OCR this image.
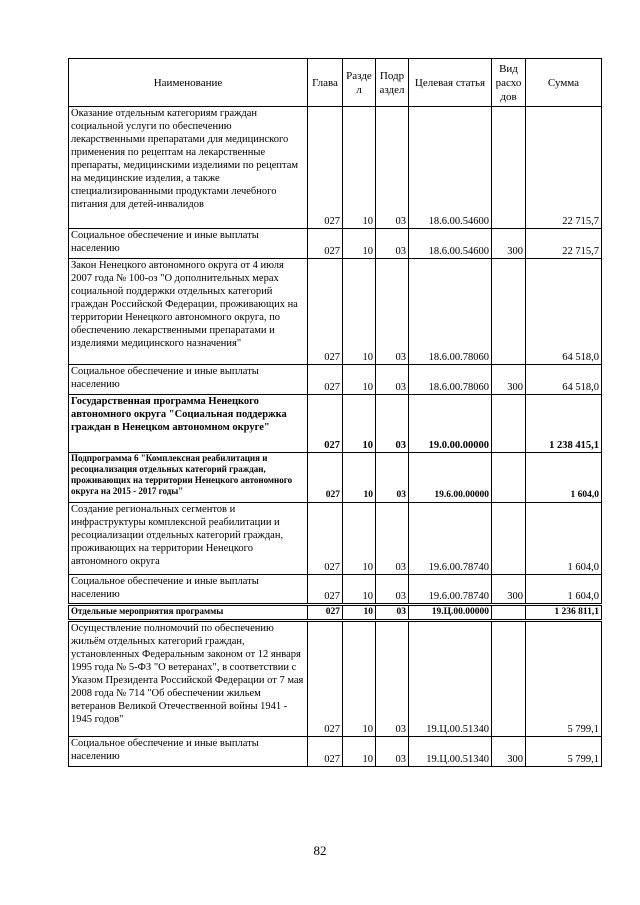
Наименование	Глава	Разде л	Подр аздел	Целевая статья	Вид расхо дов	Сумма
Оказание отдельным категориям граждан социальной услуги по обеспечению лекарственными препаратами для медицинского применения по рецептам на лекарственные препараты, медицинскими изделиями по рецептам на медицинские изделия, а также специализированными продуктами лечебного питания для детей-инвалидов	027	10	03	18.6.00.54600		22 715,7
Социальное обеспечение и иные выплаты населению	027	10	03	18.6.00.54600	300	22 715,7
Закон Ненецкого автономного округа от 4 июля 2007 года № 100-оз "О дополнительных мерах социальной поддержки отдельных категорий граждан Российской Федерации, проживающих на территории Ненецкого автономного округа, по обеспечению лекарственными препаратами и изделиями медицинского назначения"	027	10	03	18.6.00.78060		64 518,0
Социальное обеспечение и иные выплаты населению	027	10	03	18.6.00.78060	300	64 518,0
Государственная программа Ненецкого автономного округа "Социальная поддержка граждан в Ненецком автономном округе"	027	10	03	19.0.00.00000		1 238 415,1
Подпрограмма 6 "Комплексная реабилитация и ресоциализация отдельных категорий граждан, проживающих на территории Ненецкого автономного округа на 2015 - 2017 годы"	027	10	03	19.6.00.00000		1 604,0
Создание региональных сегментов и инфраструктуры комплексной реабилитации и ресоциализации отдельных категорий граждан, проживающих на территории Ненецкого автономного округа	027	10	03	19.6.00.78740		1 604,0
Социальное обеспечение и иные выплаты населению	027	10	03	19.6.00.78740	300	1 604,0
Отдельные мероприятия программы	027	10	03	19.Ц.00.00000		1 236 811,1
Осуществление полномочий по обеспечению жильём отдельных категорий граждан, установленных Федеральным законом от 12 января 1995 года № 5-ФЗ "О ветеранах", в соответствии с Указом Президента Российской Федерации от 7 мая 2008 года № 714 "Об обеспечении жильем ветеранов Великой Отечественной войны 1941 - 1945 годов"	027	10	03	19.Ц.00.51340		5 799,1
Социальное обеспечение и иные выплаты населению	027	10	03	19.Ц.00.51340	300	5 799,1
82
